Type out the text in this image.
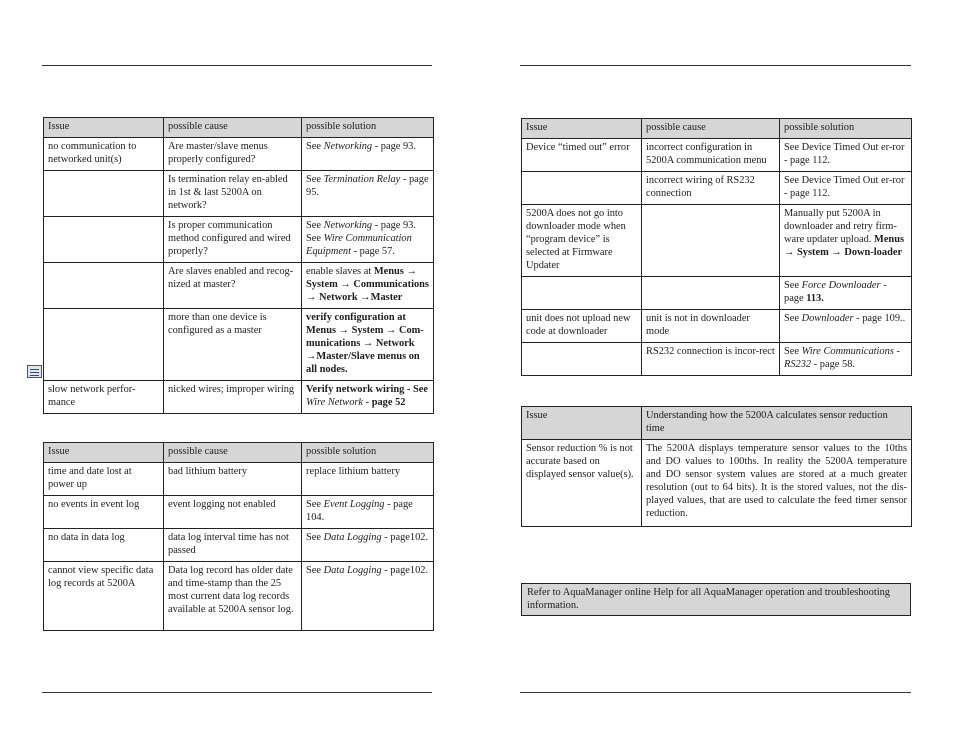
Issue	possible cause	possible solution
no communication to networked unit(s)	Are master/slave menus properly configured?	See Networking - page 93.
	Is termination relay en-abled in 1st & last 5200A on network?	See Termination Relay - page 95.
	Is proper communication method configured and wired properly?	See Networking - page 93. See Wire Communication Equipment - page 57.
	Are slaves enabled and recog-nized at master?	enable slaves at Menus → System → Communications → Network →Master
	more than one device is configured as a master	verify configuration at Menus → System → Com-munications → Network →Master/Slave menus on all nodes.
slow network perfor-mance	nicked wires; improper wiring	Verify network wiring - See Wire Network - page 52
Issue	possible cause	possible solution
time and date lost at power up	bad lithium battery	replace lithium battery
no events in event log	event logging not enabled	See Event Logging - page 104.
no data in data log	data log interval time has not passed	See Data Logging - page102.
cannot view specific data log records at 5200A	Data log record has older date and time-stamp than the 25 most current data log records available at 5200A sensor log.	See Data Logging - page102.
Issue	possible cause	possible solution
Device “timed out” error	incorrect configuration in 5200A communication menu	See Device Timed Out er-ror - page 112.
	incorrect wiring of RS232 connection	See Device Timed Out er-ror - page 112.
5200A does not go into downloader mode when “program device” is selected at Firmware Updater		Manually put 5200A in downloader and retry firm-ware updater upload. Menus → System → Down-loader
		See Force Downloader - page 113.
unit does not upload new code at downloader	unit is not in downloader mode	See Downloader - page 109..
	RS232 connection is incor-rect	See Wire Communications - RS232 - page 58.
Issue	Understanding how the 5200A calculates sensor reduction time
Sensor reduction % is not accurate based on displayed sensor value(s).	The 5200A displays temperature sensor values to the 10ths and DO values to 100ths. In reality the 5200A temperature and DO sensor system values are stored at a much greater resolution (out to 64 bits). It is the stored values, not the dis-played values, that are used to calculate the feed timer sensor reduction.
Refer to AquaManager online Help for all AquaManager operation and troubleshooting information.
